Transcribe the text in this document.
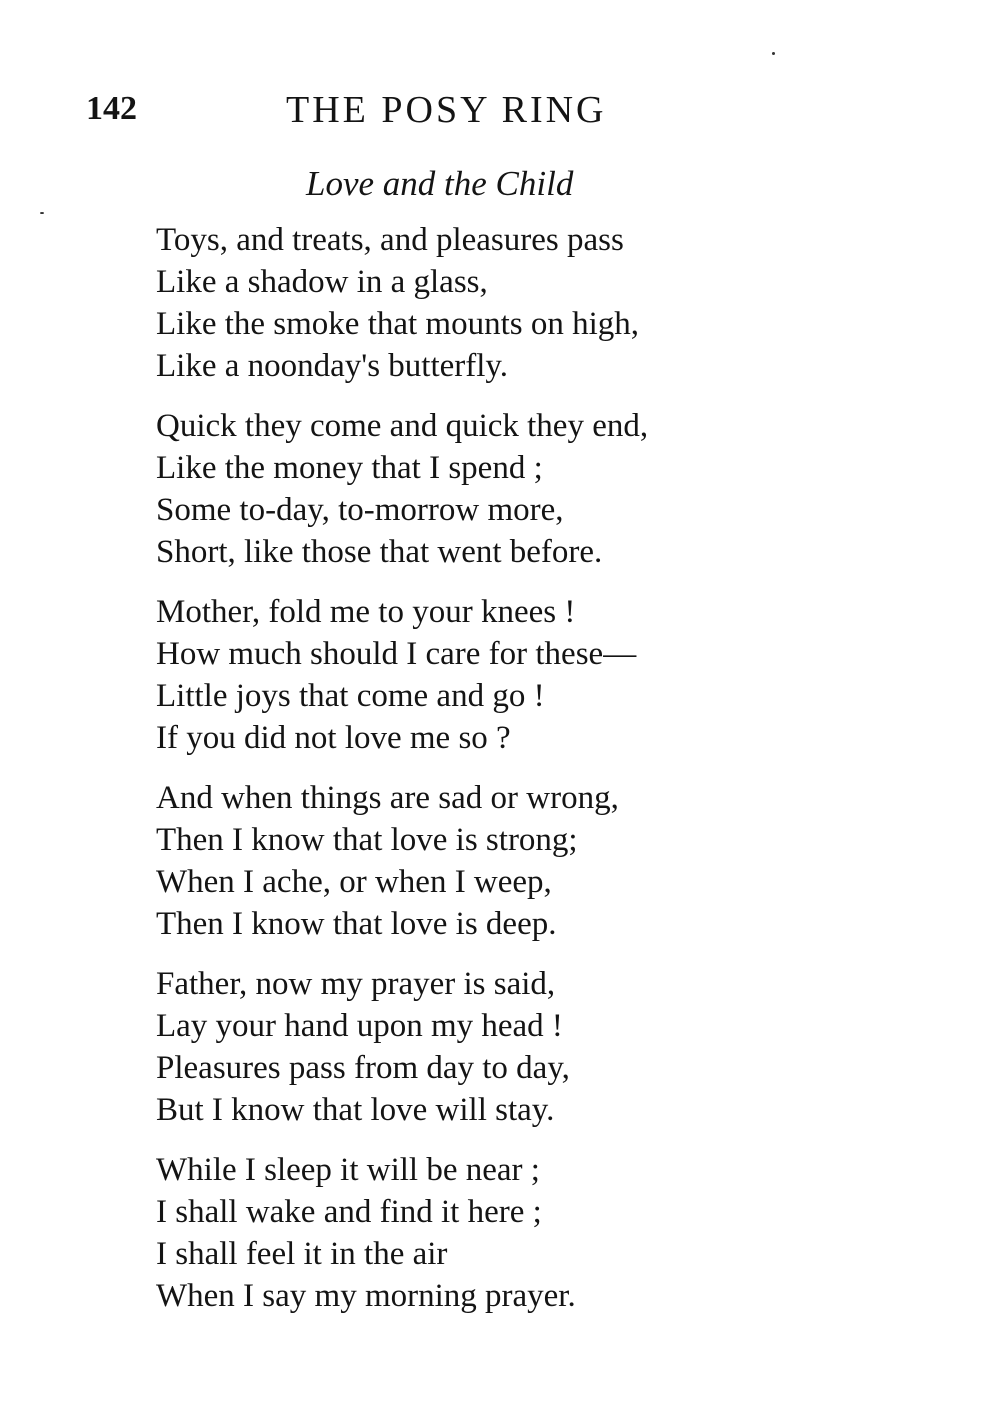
142	THE POSY RING
Love and the Child
Toys, and treats, and pleasures pass
Like a shadow in a glass,
Like the smoke that mounts on high,
Like a noonday's butterfly.
Quick they come and quick they end,
Like the money that I spend ;
Some to-day, to-morrow more,
Short, like those that went before.
Mother, fold me to your knees !
How much should I care for these—
Little joys that come and go !
If you did not love me so ?
And when things are sad or wrong,
Then I know that love is strong;
When I ache, or when I weep,
Then I know that love is deep.
Father, now my prayer is said,
Lay your hand upon my head !
Pleasures pass from day to day,
But I know that love will stay.
While I sleep it will be near ;
I shall wake and find it here ;
I shall feel it in the air
When I say my morning prayer.
